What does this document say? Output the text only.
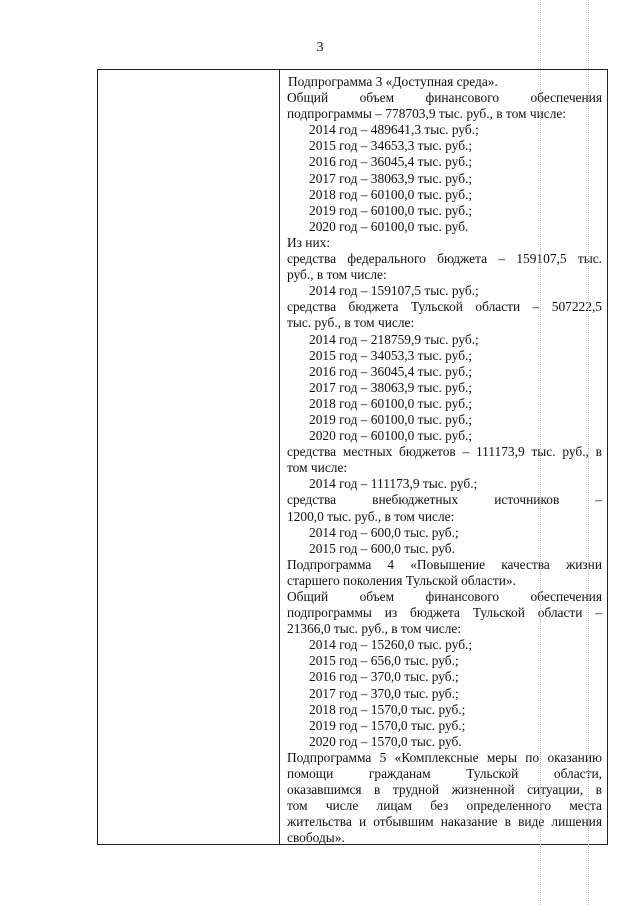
3

Подпрограмма 3 «Доступная среда».

Общий объем финансового обеспечения

подпрограммы – 778703,9 тыс. руб., в том числе:

2014 год – 489641,3 тыс. руб.;

2015 год – 34653,3 тыс. руб.;

2016 год – 36045,4 тыс. руб.;

2017 год – 38063,9 тыс. руб.;

2018 год – 60100,0 тыс. руб.;

2019 год – 60100,0 тыс. руб.;

2020 год – 60100,0 тыс. руб.

Из них:

средства федерального бюджета – 159107,5 тыс.

руб., в том числе:

2014 год – 159107,5 тыс. руб.;

средства бюджета Тульской области – 507222,5

тыс. руб., в том числе:

2014 год – 218759,9 тыс. руб.;

2015 год – 34053,3 тыс. руб.;

2016 год – 36045,4 тыс. руб.;

2017 год – 38063,9 тыс. руб.;

2018 год – 60100,0 тыс. руб.;

2019 год – 60100,0 тыс. руб.;

2020 год – 60100,0 тыс. руб.;

средства местных бюджетов – 111173,9 тыс. руб., в

том числе:

2014 год – 111173,9 тыс. руб.;

средства внебюджетных источников –

1200,0 тыс. руб., в том числе:

2014 год – 600,0 тыс. руб.;

2015 год – 600,0 тыс. руб.

Подпрограмма 4 «Повышение качества жизни

старшего поколения Тульской области».

Общий объем финансового обеспечения

подпрограммы из бюджета Тульской области –

21366,0 тыс. руб., в том числе:

2014 год – 15260,0 тыс. руб.;

2015 год – 656,0 тыс. руб.;

2016 год – 370,0 тыс. руб.;

2017 год – 370,0 тыс. руб.;

2018 год – 1570,0 тыс. руб.;

2019 год – 1570,0 тыс. руб.;

2020 год – 1570,0 тыс. руб.

Подпрограмма 5 «Комплексные меры по оказанию

помощи гражданам Тульской области,

оказавшимся в трудной жизненной ситуации, в

том числе лицам без определенного места

жительства и отбывшим наказание в виде лишения

свободы».
